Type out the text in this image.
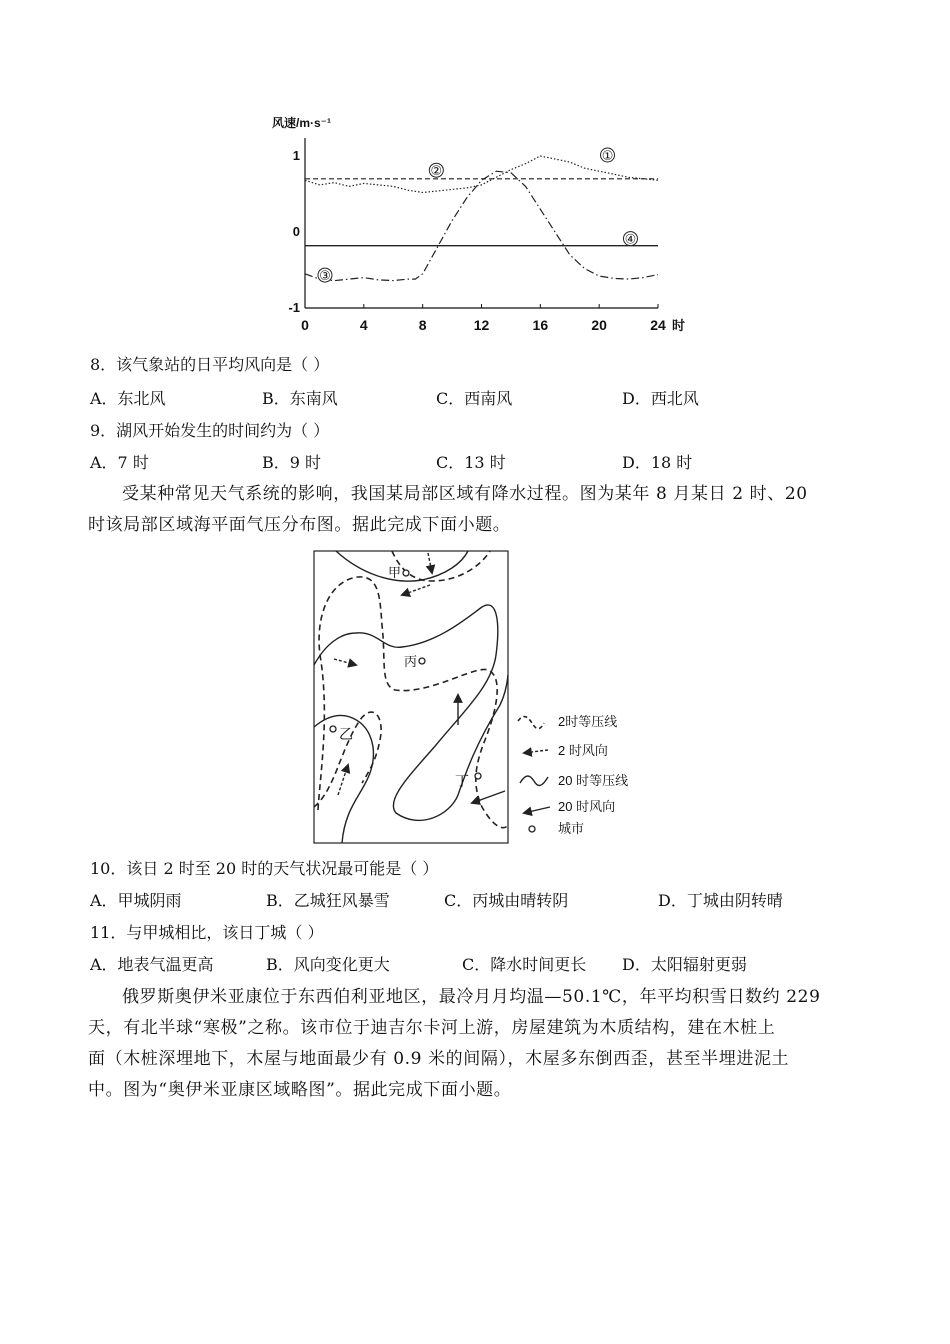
风速/m·s⁻¹
1
0
-1
0	4	8	12	16	20	24 时
①
②
③
④
8．该气象站的日平均风向是（ ）
A．东北风	B．东南风	C．西南风	D．西北风
9．湖风开始发生的时间约为（ ）
A．7 时	B．9 时	C．13 时	D．18 时
受某种常见天气系统的影响，我国某局部区域有降水过程。图为某年 8 月某日 2 时、20
时该局部区域海平面气压分布图。据此完成下面小题。
甲
丙
乙
丁
2时等压线
2 时风向
20 时等压线
20 时风向
城市
10．该日 2 时至 20 时的天气状况最可能是（ ）
A．甲城阴雨	B．乙城狂风暴雪	C．丙城由晴转阴	D．丁城由阴转晴
11．与甲城相比，该日丁城（ ）
A．地表气温更高	B．风向变化更大	C．降水时间更长 D．太阳辐射更弱
俄罗斯奥伊米亚康位于东西伯利亚地区，最冷月月均温—50.1℃，年平均积雪日数约 229
天，有北半球“寒极”之称。该市位于迪吉尔卡河上游，房屋建筑为木质结构，建在木桩上
面（木桩深埋地下，木屋与地面最少有 0.9 米的间隔），木屋多东倒西歪，甚至半埋进泥土
中。图为“奥伊米亚康区域略图”。据此完成下面小题。
